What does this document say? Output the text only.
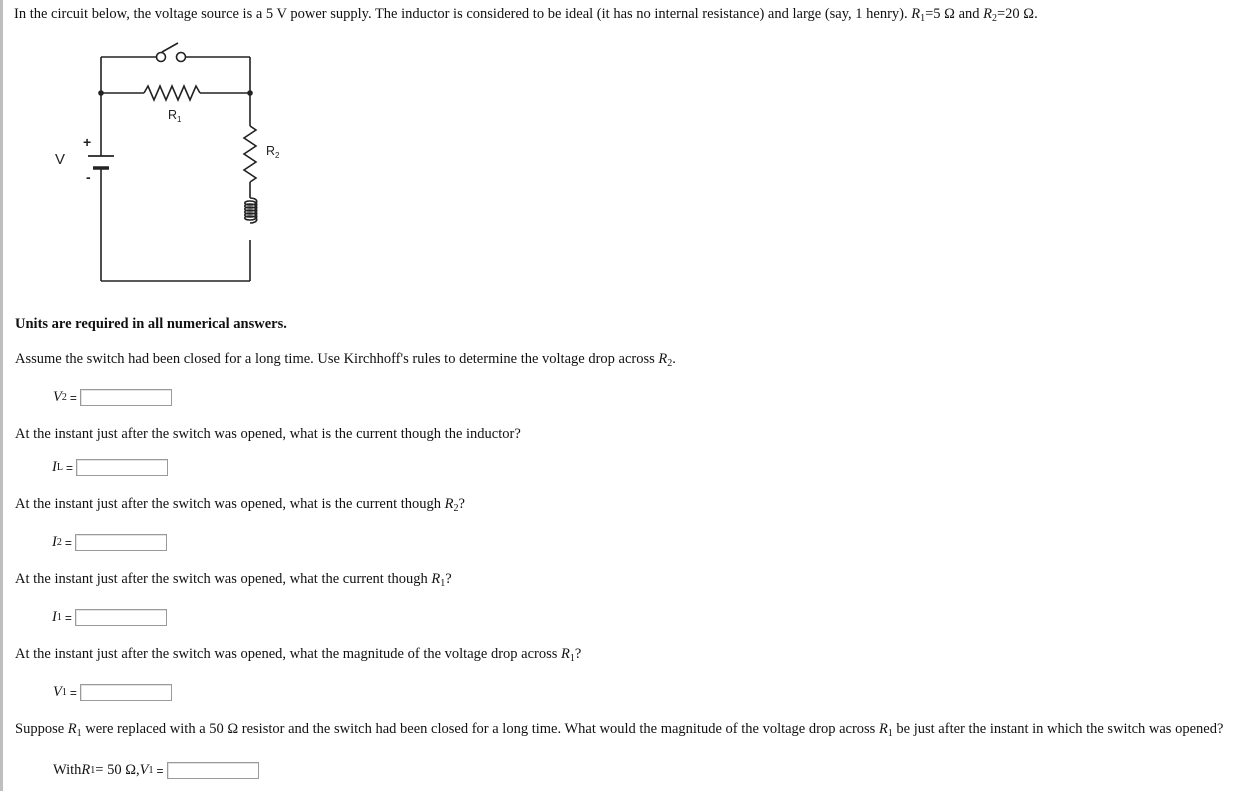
In the circuit below, the voltage source is a 5 V power supply. The inductor is considered to be ideal (it has no internal resistance) and large (say, 1 henry). $R_1=5$ Ω and $R_2=20$ Ω.
$R_1$
$R_2$
V
+
-
Units are required in all numerical answers.
Assume the switch had been closed for a long time. Use Kirchhoff's rules to determine the voltage drop across $R_2$.
V 2 =
At the instant just after the switch was opened, what is the current though the inductor?
I L =
At the instant just after the switch was opened, what is the current though $R_2$?
I 2 =
At the instant just after the switch was opened, what the current though $R_1$?
I 1 =
At the instant just after the switch was opened, what the magnitude of the voltage drop across $R_1$?
V 1 =
Suppose $R_1$ were replaced with a 50 Ω resistor and the switch had been closed for a long time. What would the magnitude of the voltage drop across $R_1$ be just after the instant in which the switch was opened?
With R 1 = 50 Ω, V 1 =
